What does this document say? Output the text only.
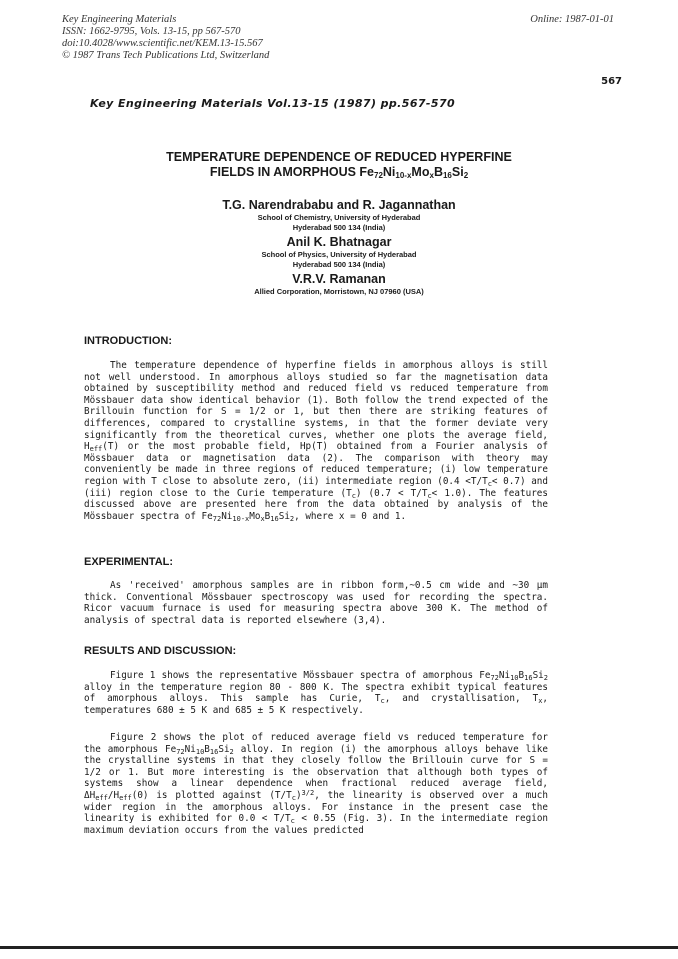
Key Engineering Materials
ISSN: 1662-9795, Vols. 13-15, pp 567-570
doi:10.4028/www.scientific.net/KEM.13-15.567
© 1987 Trans Tech Publications Ltd, Switzerland
Online: 1987-01-01
567
Key Engineering Materials Vol.13-15 (1987) pp.567-570
TEMPERATURE DEPENDENCE OF REDUCED HYPERFINE
FIELDS IN AMORPHOUS $Fe_{72}Ni_{10-x}Mo_xB_{16}Si_2$
T.G. Narendrababu and R. Jagannathan
School of Chemistry, University of Hyderabad
Hyderabad 500 134 (India)
Anil K. Bhatnagar
School of Physics, University of Hyderabad
Hyderabad 500 134 (India)
V.R.V. Ramanan
Allied Corporation, Morristown, NJ 07960 (USA)
INTRODUCTION:
The temperature dependence of hyperfine fields in amorphous alloys is still not well understood. In amorphous alloys studied so far the magnetisation data obtained by susceptibility method and reduced field vs reduced temperature from Mössbauer data show identical behavior (1). Both follow the trend expected of the Brillouin function for S = 1/2 or 1, but then there are striking features of differences, compared to crystalline systems, in that the former deviate very significantly from the theoretical curves, whether one plots the average field, $H_{eff}(T)$ or the most probable field, Hp(T) obtained from a Fourier analysis of Mössbauer data or magnetisation data (2). The comparison with theory may conveniently be made in three regions of reduced temperature; (i) low temperature region with T close to absolute zero, (ii) intermediate region $(0.4 <T/T_c< 0.7)$ and (iii) region close to the Curie temperature $(T_c) (0.7 < T/T_c< 1.0)$. The features discussed above are presented here from the data obtained by analysis of the Mössbauer spectra of $Fe_{72}Ni_{10-x}Mo_xB_{16}Si_2$, where x = 0 and 1.
EXPERIMENTAL:
As 'received' amorphous samples are in ribbon form,~0.5 cm wide and ~30 μm thick. Conventional Mössbauer spectroscopy was used for recording the spectra. Ricor vacuum furnace is used for measuring spectra above 300 K. The method of analysis of spectral data is reported elsewhere (3,4).
RESULTS AND DISCUSSION:
Figure 1 shows the representative Mössbauer spectra of amorphous $Fe_{72}Ni_{10}B_{16}Si_2$ alloy in the temperature region 80 - 800 K. The spectra exhibit typical features of amorphous alloys. This sample has Curie, $T_c$, and crystallisation, $T_x$, temperatures 680 ± 5 K and 685 ± 5 K respectively.
Figure 2 shows the plot of reduced average field vs reduced temperature for the amorphous $Fe_{72}Ni_{10}B_{16}Si_2$ alloy. In region (i) the amorphous alloys behave like the crystalline systems in that they closely follow the Brillouin curve for S = 1/2 or 1. But more interesting is the observation that although both types of systems show a linear dependence when fractional reduced average field, $\Delta H_{eff}/H_{eff}(0)$ is plotted against $(T/T_c)^{3/2}$, the linearity is observed over a much wider region in the amorphous alloys. For instance in the present case the linearity is exhibited for $0.0 < T/T_c < 0.55$ (Fig. 3). In the intermediate region maximum deviation occurs from the values predicted
